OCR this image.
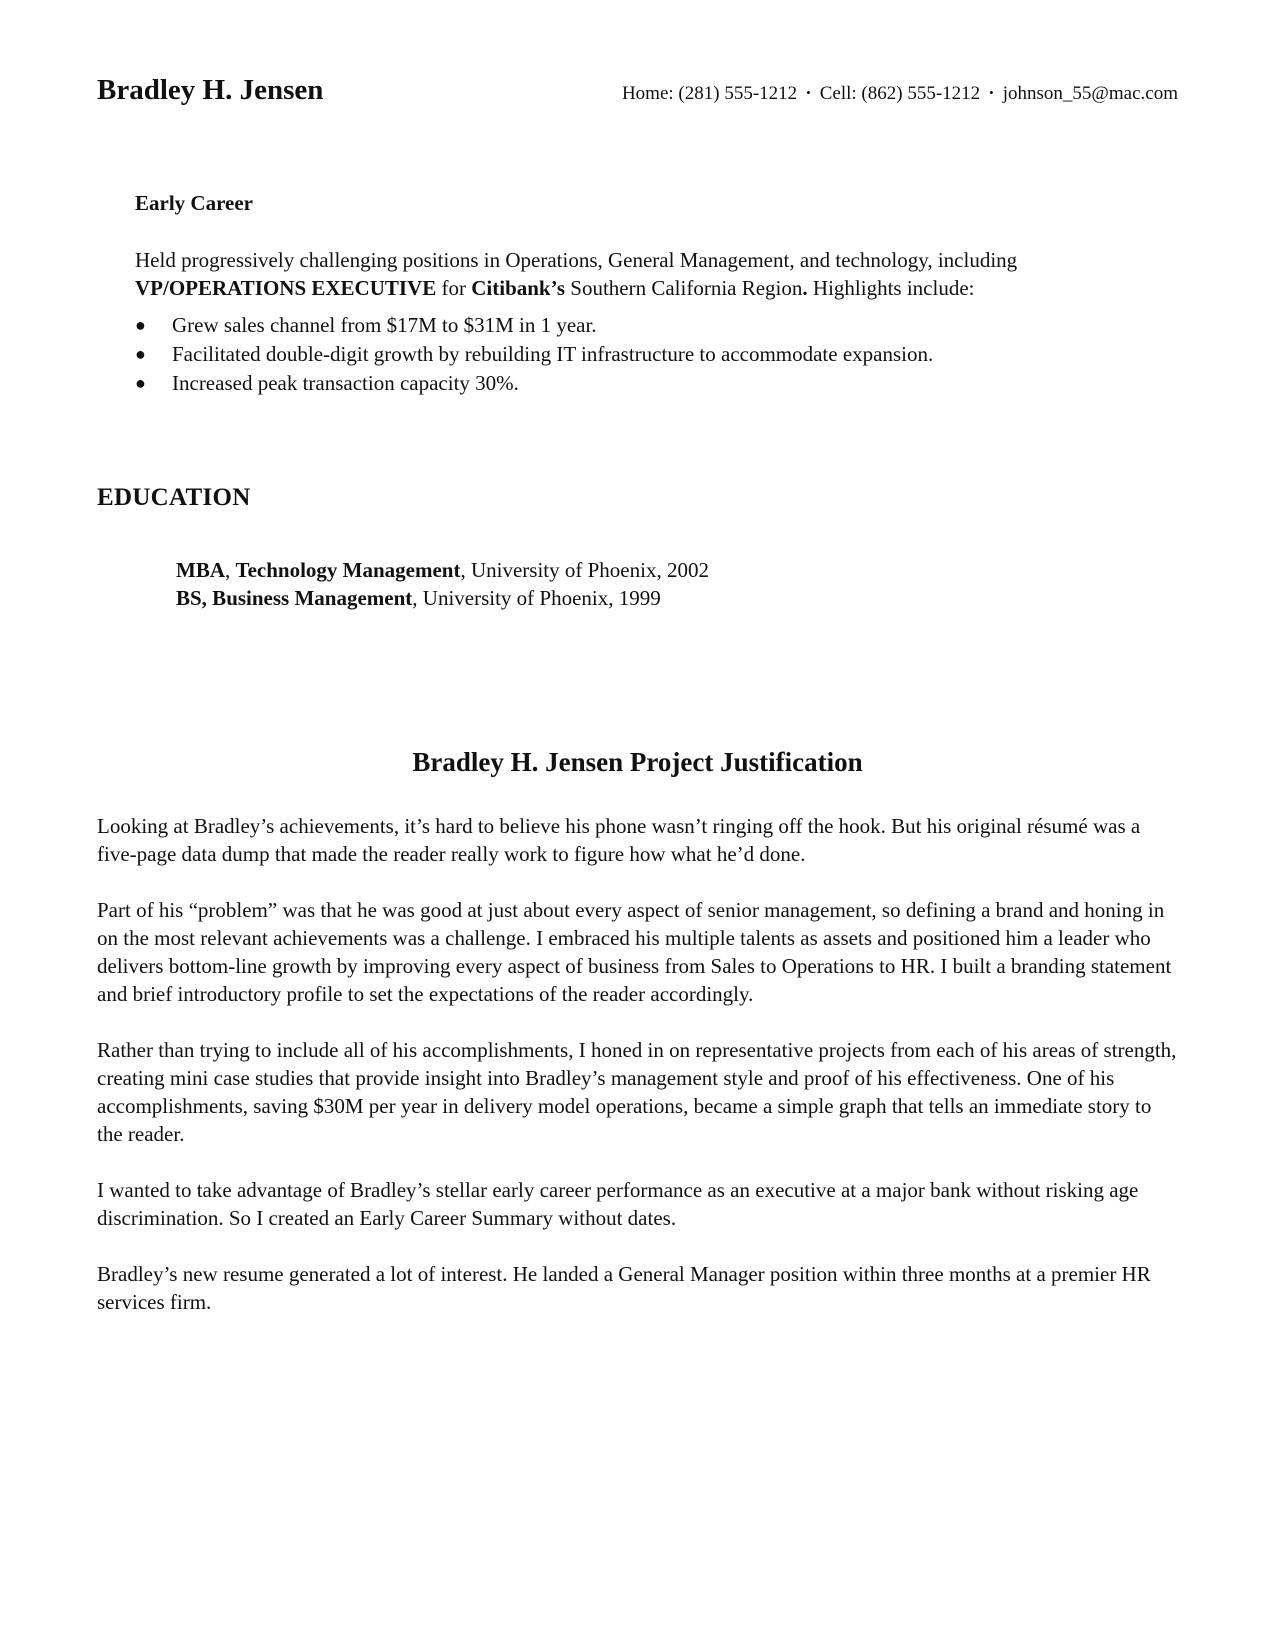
Bradley H. Jensen	Home: (281) 555-1212 • Cell: (862) 555-1212 • johnson_55@mac.com
Early Career
Held progressively challenging positions in Operations, General Management, and technology, including
VP/OPERATIONS EXECUTIVE for Citibank’s Southern California Region. Highlights include:
● Grew sales channel from $17M to $31M in 1 year.
● Facilitated double-digit growth by rebuilding IT infrastructure to accommodate expansion.
● Increased peak transaction capacity 30%.
EDUCATION
MBA, Technology Management, University of Phoenix, 2002
BS, Business Management, University of Phoenix, 1999
Bradley H. Jensen Project Justification

Looking at Bradley’s achievements, it’s hard to believe his phone wasn’t ringing off the hook. But his original résumé was a five-page data dump that made the reader really work to figure how what he’d done.

Part of his “problem” was that he was good at just about every aspect of senior management, so defining a brand and honing in on the most relevant achievements was a challenge. I embraced his multiple talents as assets and positioned him a leader who delivers bottom-line growth by improving every aspect of business from Sales to Operations to HR. I built a branding statement and brief introductory profile to set the expectations of the reader accordingly.

Rather than trying to include all of his accomplishments, I honed in on representative projects from each of his areas of strength, creating mini case studies that provide insight into Bradley’s management style and proof of his effectiveness. One of his accomplishments, saving $30M per year in delivery model operations, became a simple graph that tells an immediate story to the reader.

I wanted to take advantage of Bradley’s stellar early career performance as an executive at a major bank without risking age discrimination. So I created an Early Career Summary without dates.

Bradley’s new resume generated a lot of interest. He landed a General Manager position within three months at a premier HR services firm.
